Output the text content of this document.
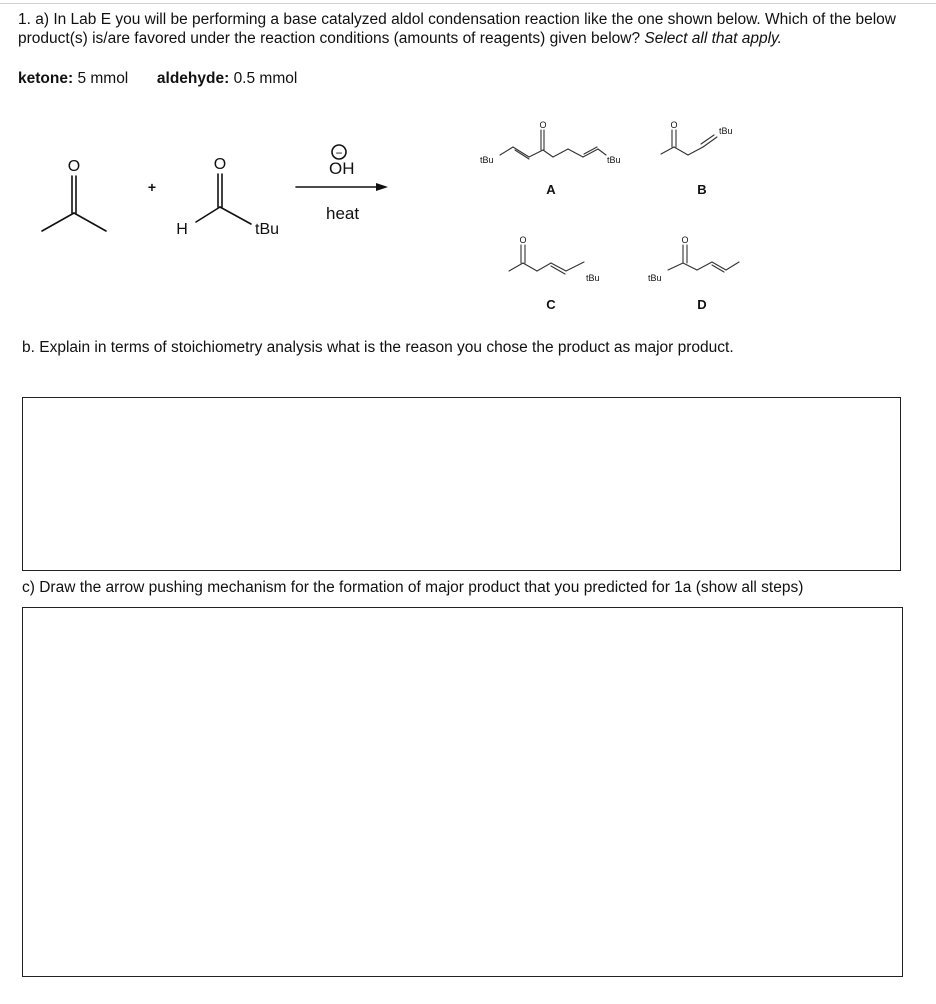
1. a) In Lab E you will be performing a base catalyzed aldol condensation reaction like the one shown below. Which of the below product(s) is/are favored under the reaction conditions (amounts of reagents) given below? Select all that apply.
ketone: 5 mmol aldehyde: 0.5 mmol
O
+
H
O
tBu
−
OH
heat
O
tBu	tBu
A
O
tBu
B
O
tBu
C
O
tBu
D
b. Explain in terms of stoichiometry analysis what is the reason you chose the product as major product.
c) Draw the arrow pushing mechanism for the formation of major product that you predicted for 1a (show all steps)
